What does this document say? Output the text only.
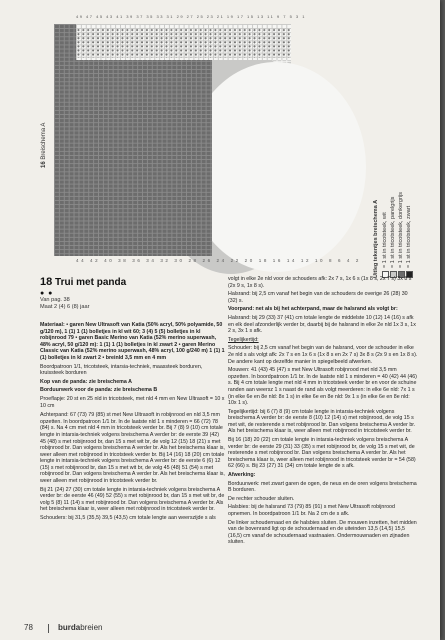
49 47 45 43 41 39 37 35 33 31 29 27 25 23 21 19 17 15 13 11 9 7 5 3 1
44 42 40 38 36 34 32 30 28 26 24 22 20 18 16 14 12 10 8 6 4 2
16 Breischema A
Uitleg tekentjes breischema A = 1 st in tricotsteek, wit = 1 st in tricotsteek, parelgrijs = 1 st in tricotsteek, donkergrijs = 1 st in tricotsteek, zwart
18 Trui met panda
● ●
Van pag. 38
Maat 2 (4) 6 (8) jaar

Materiaal: • garen New Ultrasoft van Katia (50% acryl, 50% polyamide, 50 g/120 m), 1 (1) 1 (1) bolletjes in kl wit 60; 3 (4) 5 (5) bolletjes in kl robijnrood 79 • garen Basic Merino van Katia (52% merino superwash, 48% acryl, 50 g/120 m): 1 (1) 1 (1) bolletjes in kl zwart 2 • garen Merino Classic van Katia (52% merino superwash, 48% acryl, 100 g/240 m) 1 (1) 1 (1) bolletjes in kl zwart 2 • breinld 3,5 mm en 4 mm

Boordpatroon 1/1, tricotsteek, intarsia-techniek, maassteek borduren, kruissteek borduren

Kop van de panda: zie breischema A

Borduurwerk voor de panda: zie breischema B

Proeflapje: 20 st en 25 nld in tricotsteek, met nld 4 mm en New Ultrasoft = 10 x 10 cm

Achterpand: 67 (73) 79 (85) st met New Ultrasoft in robijnrood en nld 3,5 mm opzetten. In boordpatroon 1/1 br. In de laatste nld 1 x minderen = 66 (72) 78 (84) s. Na 4 cm met nld 4 mm in tricotsteek verder br. Bij 7 (8) 9 (10) cm totale lengte in intarsia-techniek volgens breischema A verder br: de eerste 39 (42) 45 (48) s met robijnrood br, dan 15 s met wit br, de volg 12 (15) 18 (21) s met robijnrood br. Dan volgens breischema A verder br. Als het breischema klaar is, weer alleen met robijnrood in tricotsteek verder br. Bij 14 (16) 18 (20) cm totale lengte in intarsia-techniek volgens breischema A verder br: de eerste 6 (6) 12 (15) s met robijnrood br, dan 15 s met wit br, de volg 45 (48) 51 (54) s met robijnrood br. Dan volgens breischema A verder br. Als het breischema klaar is, weer alleen met robijnrood in tricotsteek verder br.

Bij 21 (24) 27 (30) cm totale lengte in intarsia-techniek volgens breischema A verder br: de eerste 46 (49) 52 (55) s met robijnrood br, dan 15 s met wit br, de volg 5 (8) 11 (14) s met robijnrood br. Dan volgens breischema A verder br. Als het breischema klaar is, weer alleen met robijnrood in tricotsteek verder br.

Schouders: bij 31,5 (35,5) 39,5 (43,5) cm totale lengte aan weerszijde s als

volgt in elke 2e nld voor de schouders afk: 2x 7 s, 1x 6 s (1x 8 s, 2x 7 s) 3x 8 s (2x 9 s, 1x 8 s).

Halsrand: bij 2,5 cm vanaf het begin van de schouders de overige 26 (28) 30 (32) s.

Voorpand: net als bij het achterpand, maar de halsrand als volgt br:

Halsrand: bij 29 (33) 37 (41) cm totale lengte de middelste 10 (12) 14 (16) s afk en elk deel afzonderlijk verder br, daarbij bij de halsrand in elke 2e nld 1x 3 s, 1x 2 s, 3x 1 s afk.

Tegelijkertijd:

Schouder: bij 2,5 cm vanaf het begin van de halsrand, voor de schouder in elke 2e nld s als volgt afk: 2x 7 s en 1x 6 s (1x 8 s en 2x 7 s) 3x 8 s (2x 9 s en 1x 8 s). De andere kant op dezelfde manier in spiegelbeeld afwerken.

Mouwen: 41 (43) 45 (47) s met New Ultrasoft robijnrood met nld 3,5 mm opzetten. In boordpatroon 1/1 br. In de laatste nld 1 s minderen = 40 (42) 44 (46) s. Bij 4 cm totale lengte met nld 4 mm in tricotsteek verder br en voor de schuine randen aan weersz 1 s naast de rand als volgt meerderen: in elke 6e nld: 7x 1 s (in elke 6e en 8e nld: 8x 1 s) in elke 6e en 8e nld: 9x 1 s (in elke 6e en 8e nld: 10x 1 s).

Tegelijkertijd: bij 6 (7) 8 (9) cm totale lengte in intarsia-techniek volgens breischema A verder br: de eerste 8 (10) 12 (14) s) met robijnrood, de volg 15 s met wit, de resterende s met robijnrood br. Dan volgens breischema A verder br. Als het breischema klaar is, weer alleen met robijnrood in tricotsteek verder br.

Bij 16 (18) 20 (22) cm totale lengte in intarsia-techniek volgens breischema A verder br: de eerste 29 (31) 33 (35) s met robijnrood br, de volg 15 s met wit, de resterende s met robijnrood br. Dan volgens breischema A verder br. Als het breischema klaar is, weer alleen met robijnrood in tricotsteek verder br = 54 (58) 62 (66) s. Bij 23 (27) 31 (34) cm totale lengte de s afk.

Afwerking:

Borduurwerk: met zwart garen de ogen, de neus en de oren volgens breischema B borduren.

De rechter schouder sluiten.

Halsbies: bij de halsrand 73 (79) 85 (91) s met New Ultrasoft robijnrood opnemen. In boordpatroon 1/1 br. Na 2 cm de s afk.

De linker schoudernaad en de halsbies sluiten. De mouwen inzetten, het midden van de bovenrand ligt op de schoudernaad en de uiteinden 13,5 (14,5) 15,5 (16,5) cm vanaf de schoudernaad vastnaaien. Ondermouwnaden en zijnaden sluiten.

78	burdabreien
